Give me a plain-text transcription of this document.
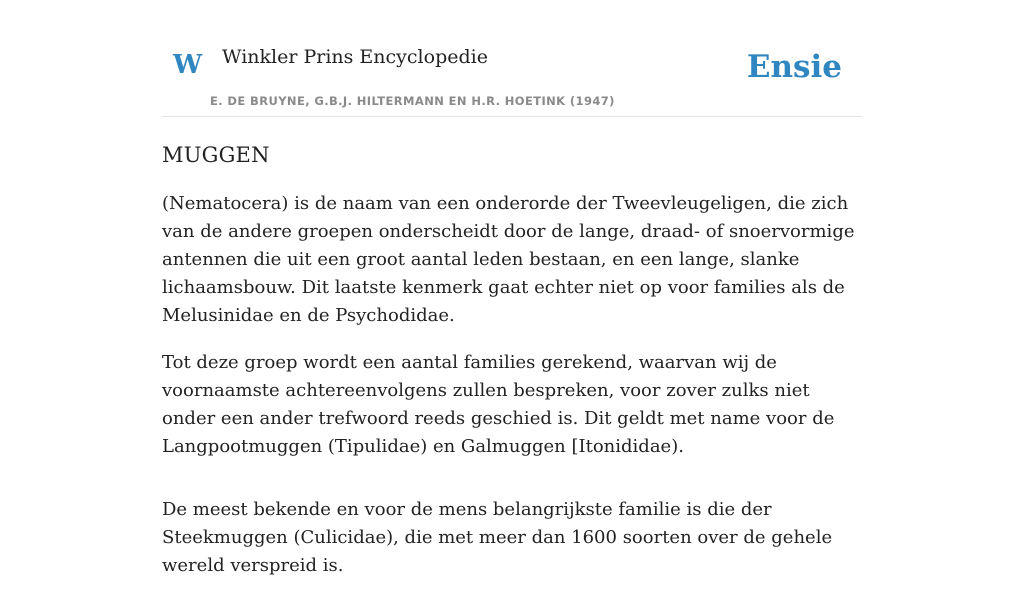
W Winkler Prins Encyclopedie
E. DE BRUYNE, G.B.J. HILTERMANN EN H.R. HOETINK (1947)
Ensie
MUGGEN

(Nematocera) is de naam van een onderorde der Tweevleugeligen, die zich van de andere groepen onderscheidt door de lange, draad- of snoervormige antennen die uit een groot aantal leden bestaan, en een lange, slanke lichaamsbouw. Dit laatste kenmerk gaat echter niet op voor families als de Melusinidae en de Psychodidae.

Tot deze groep wordt een aantal families gerekend, waarvan wij de voornaamste achtereenvolgens zullen bespreken, voor zover zulks niet onder een ander trefwoord reeds geschied is. Dit geldt met name voor de Langpootmuggen (Tipulidae) en Galmuggen [Itonididae).

De meest bekende en voor de mens belangrijkste familie is die der Steekmuggen (Culicidae), die met meer dan 1600 soorten over de gehele wereld verspreid is.
